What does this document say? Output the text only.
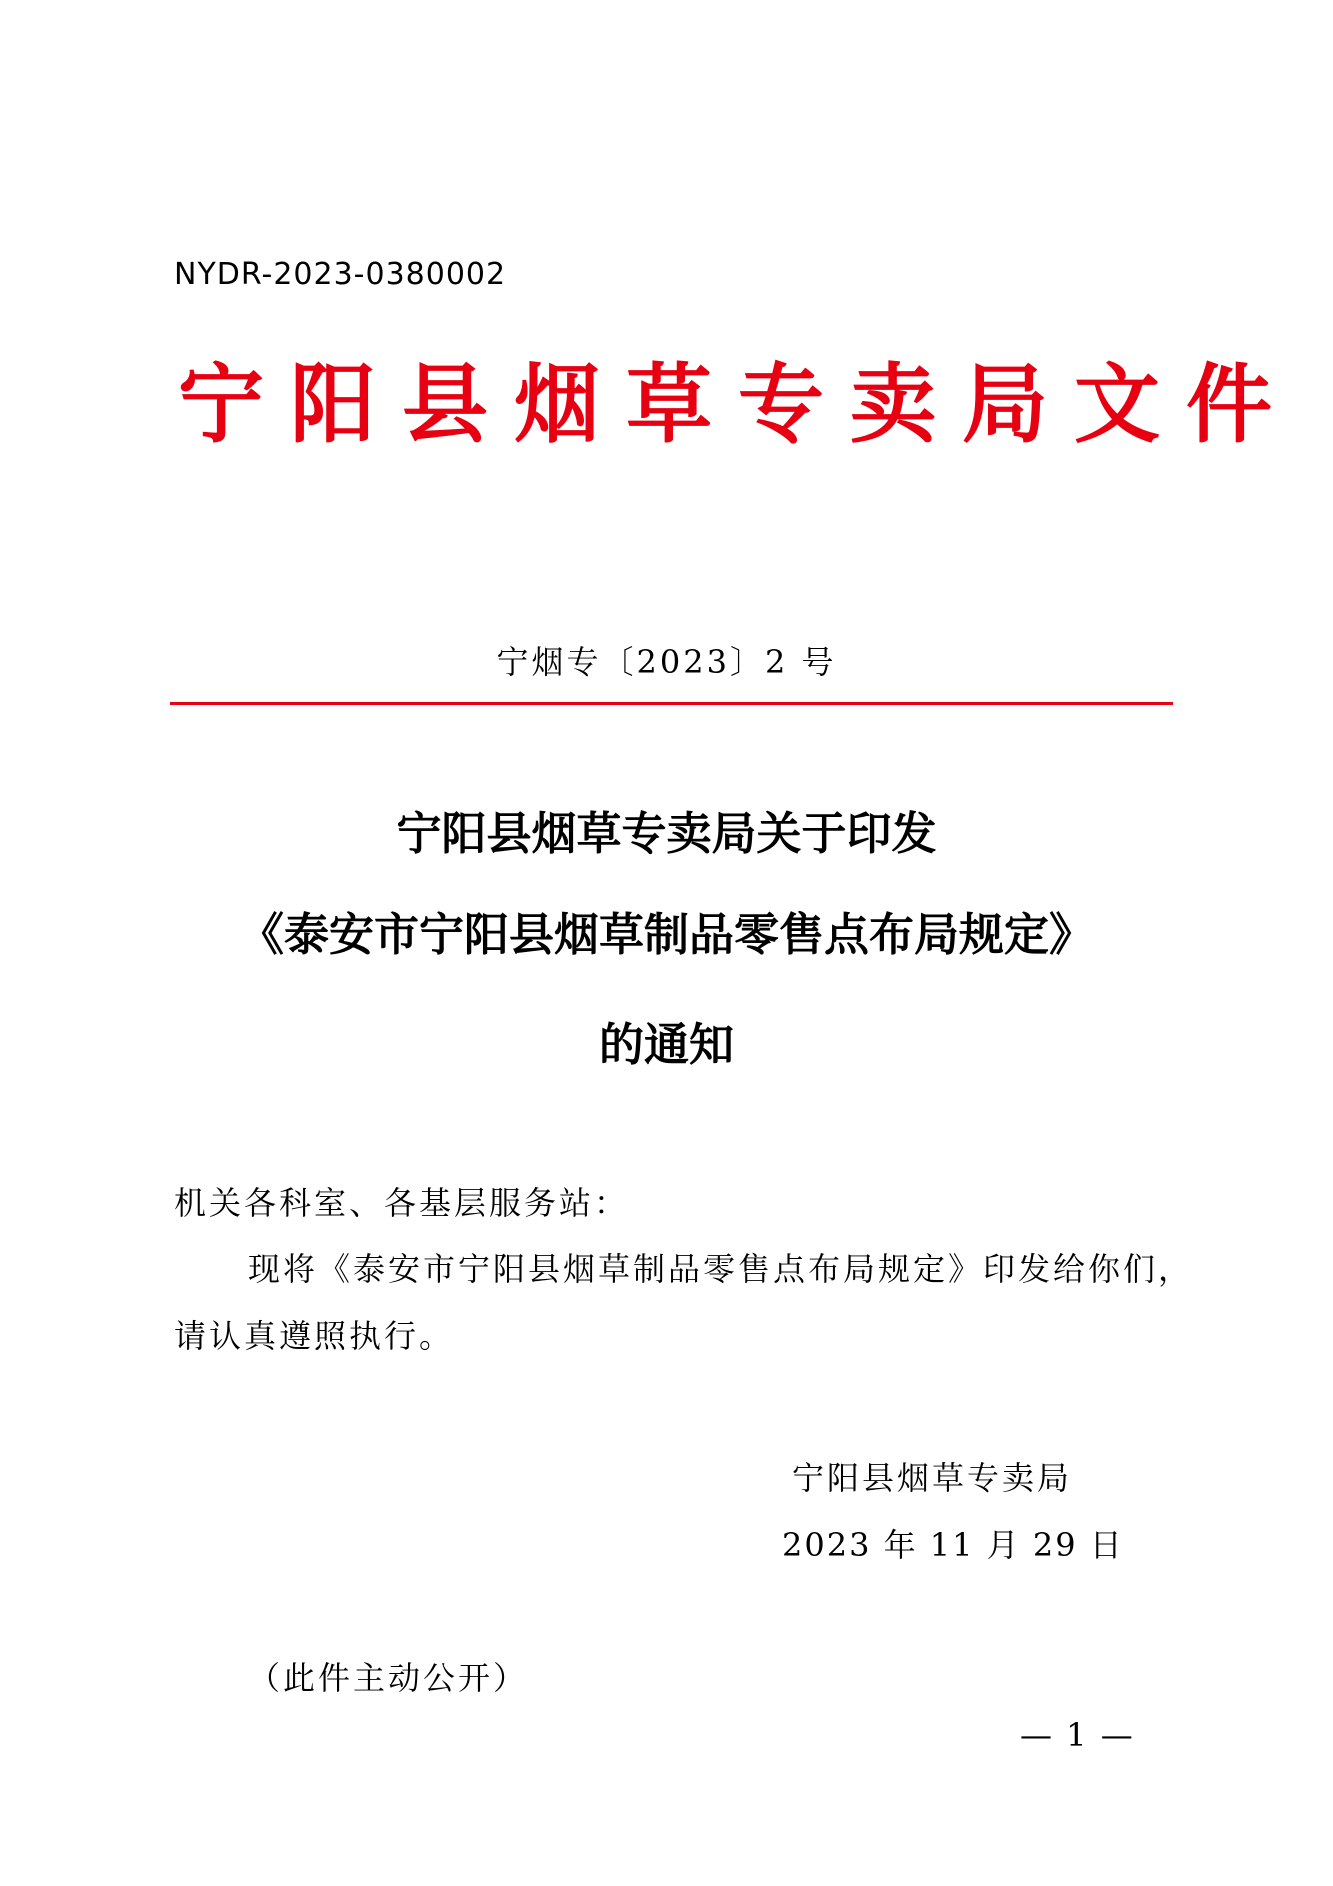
NYDR-2023-0380002
宁阳县烟草专卖局文件
宁烟专〔2023〕2 号
宁阳县烟草专卖局关于印发
《泰安市宁阳县烟草制品零售点布局规定》
的通知
机关各科室、各基层服务站：
现将《泰安市宁阳县烟草制品零售点布局规定》印发给你们，
请认真遵照执行。
宁阳县烟草专卖局
2023 年 11 月 29 日
（此件主动公开）
— 1 —
